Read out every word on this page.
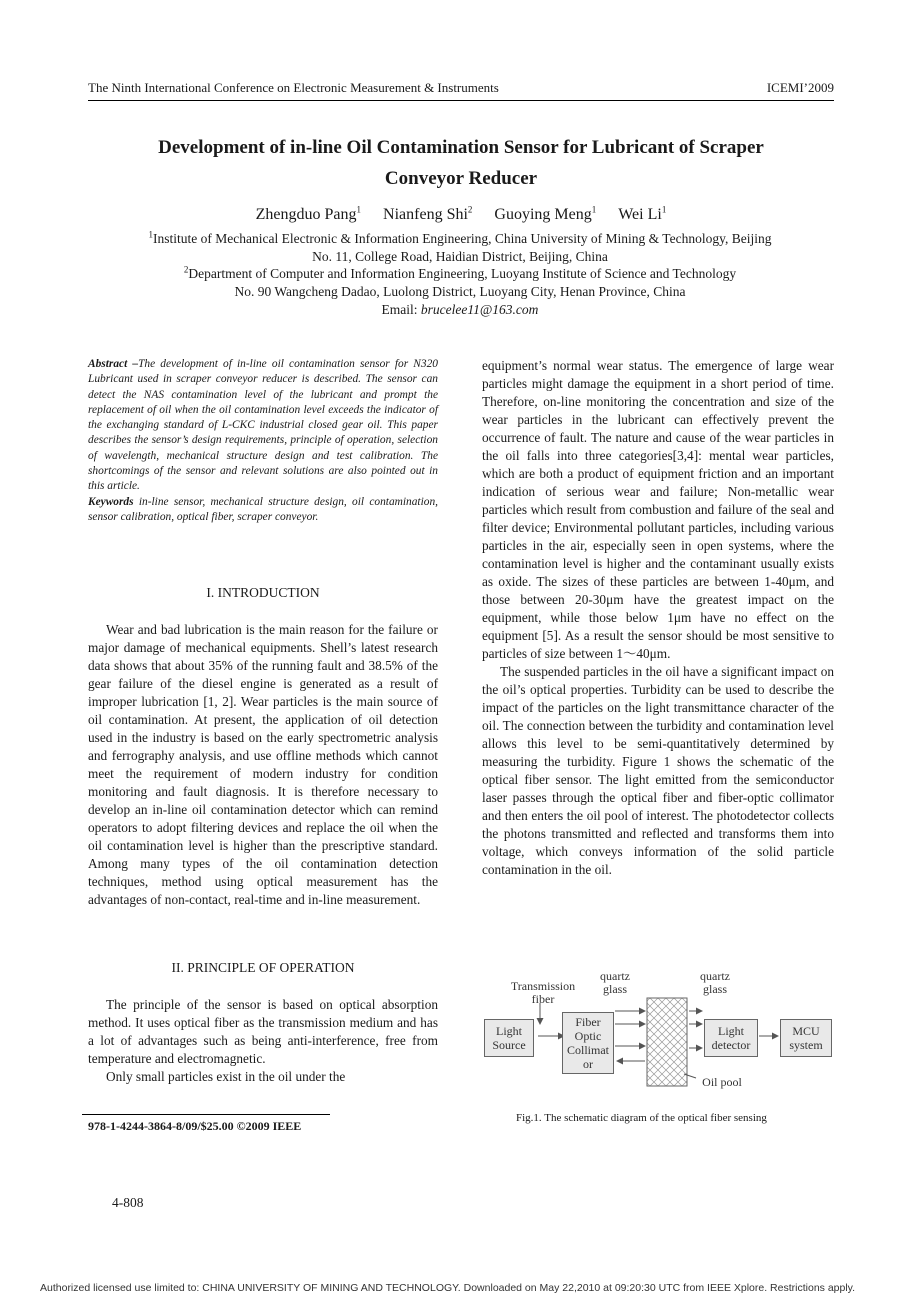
The Ninth International Conference on Electronic Measurement & Instruments	ICEMI’2009
Development of in-line Oil Contamination Sensor for Lubricant of Scraper
Conveyor Reducer
Zhengduo Pang$^1$ Nianfeng Shi$^2$ Guoying Meng$^1$ Wei Li$^1$
$^1$Institute of Mechanical Electronic & Information Engineering, China University of Mining & Technology, Beijing
No. 11, College Road, Haidian District, Beijing, China
$^2$Department of Computer and Information Engineering, Luoyang Institute of Science and Technology
No. 90 Wangcheng Dadao, Luolong District, Luoyang City, Henan Province, China
Email: brucelee11@163.com

Abstract –The development of in-line oil contamination sensor for N320 Lubricant used in scraper conveyor reducer is described. The sensor can detect the NAS contamination level of the lubricant and prompt the replacement of oil when the oil contamination level exceeds the indicator of the exchanging standard of L-CKC industrial closed gear oil. This paper describes the sensor’s design requirements, principle of operation, selection of wavelength, mechanical structure design and test calibration. The shortcomings of the sensor and relevant solutions are also pointed out in this article.

Keywords in-line sensor, mechanical structure design, oil contamination, sensor calibration, optical fiber, scraper conveyor.

I. INTRODUCTION

Wear and bad lubrication is the main reason for the failure or major damage of mechanical equipments. Shell’s latest research data shows that about 35% of the running fault and 38.5% of the gear failure of the diesel engine is generated as a result of improper lubrication [1, 2]. Wear particles is the main source of oil contamination. At present, the application of oil detection used in the industry is based on the early spectrometric analysis and ferrography analysis, and use offline methods which cannot meet the requirement of modern industry for condition monitoring and fault diagnosis. It is therefore necessary to develop an in-line oil contamination detector which can remind operators to adopt filtering devices and replace the oil when the oil contamination level is higher than the prescriptive standard. Among many types of the oil contamination detection techniques, method using optical measurement has the advantages of non-contact, real-time and in-line measurement.

II. PRINCIPLE OF OPERATION

The principle of the sensor is based on optical absorption method. It uses optical fiber as the transmission medium and has a lot of advantages such as being anti-interference, free from temperature and electromagnetic.

Only small particles exist in the oil under the

978-1-4244-3864-8/09/$25.00 ©2009 IEEE
4-808

equipment’s normal wear status. The emergence of large wear particles might damage the equipment in a short period of time. Therefore, on-line monitoring the concentration and size of the wear particles in the lubricant can effectively prevent the occurrence of fault. The nature and cause of the wear particles in the oil falls into three categories[3,4]: mental wear particles, which are both a product of equipment friction and an important indication of serious wear and failure; Non-metallic wear particles which result from combustion and failure of the seal and filter device; Environmental pollutant particles, including various particles in the air, especially seen in open systems, where the contamination level is higher and the contaminant usually exists as oxide. The sizes of these particles are between 1-40μm, and those between 20-30μm have the greatest impact on the equipment, while those below 1μm have no effect on the equipment [5]. As a result the sensor should be most sensitive to particles of size between 1～40μm.

The suspended particles in the oil have a significant impact on the oil’s optical properties. Turbidity can be used to describe the impact of the particles on the light transmittance character of the oil. The connection between the turbidity and contamination level allows this level to be semi-quantitatively determined by measuring the turbidity. Figure 1 shows the schematic of the optical fiber sensor. The light emitted from the semiconductor laser passes through the optical fiber and fiber-optic collimator and then enters the oil pool of interest. The photodetector collects the photons transmitted and reflected and transforms them into voltage, which conveys information of the solid particle contamination in the oil.

Light Source
Fiber Optic Collimat or
Light detector
MCU system
Transmission fiber
quartz glass
quartz glass
Oil pool
Fig.1. The schematic diagram of the optical fiber sensing
Authorized licensed use limited to: CHINA UNIVERSITY OF MINING AND TECHNOLOGY. Downloaded on May 22,2010 at 09:20:30 UTC from IEEE Xplore. Restrictions apply.
